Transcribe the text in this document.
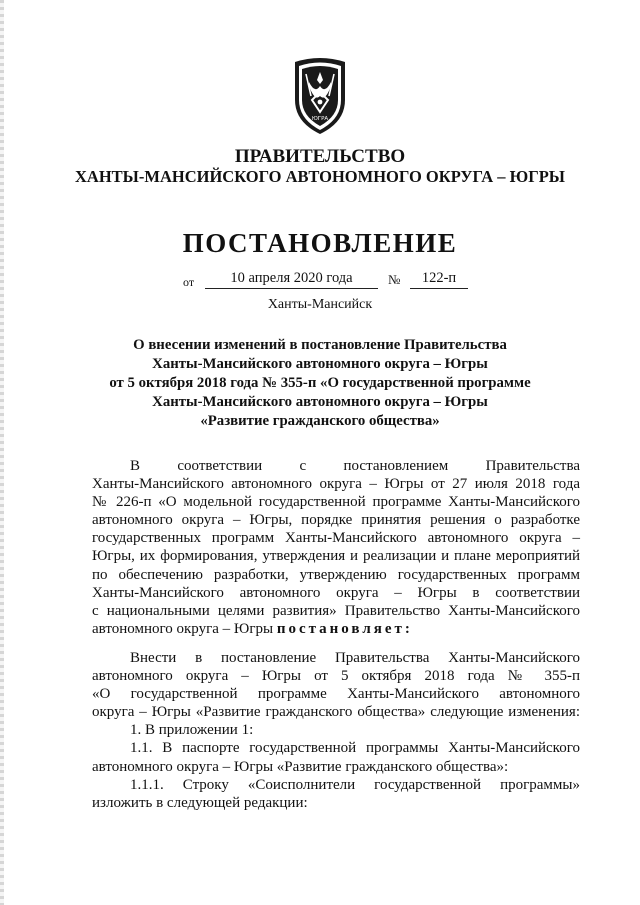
ЮГРА
ПРАВИТЕЛЬСТВО
ХАНТЫ-МАНСИЙСКОГО АВТОНОМНОГО ОКРУГА – ЮГРЫ
ПОСТАНОВЛЕНИЕ
от	10 апреля 2020 года	№	122-п
Ханты-Мансийск
О внесении изменений в постановление Правительства
Ханты-Мансийского автономного округа – Югры
от 5 октября 2018 года № 355-п «О государственной программе
Ханты-Мансийского автономного округа – Югры
«Развитие гражданского общества»
В соответствии с постановлением Правительства
Ханты-Мансийского автономного округа – Югры от 27 июля 2018 года
№ 226-п «О модельной государственной программе Ханты-Мансийского
автономного округа – Югры, порядке принятия решения о разработке
государственных программ Ханты-Мансийского автономного округа –
Югры, их формирования, утверждения и реализации и плане мероприятий
по обеспечению разработки, утверждению государственных программ
Ханты-Мансийского автономного округа – Югры в соответствии
с национальными целями развития» Правительство Ханты-Мансийского
автономного округа – Югры постановляет:
Внести в постановление Правительства Ханты-Мансийского
автономного округа – Югры от 5 октября 2018 года № 355-п
«О государственной программе Ханты-Мансийского автономного
округа – Югры «Развитие гражданского общества» следующие изменения:
1. В приложении 1:
1.1. В паспорте государственной программы Ханты-Мансийского
автономного округа – Югры «Развитие гражданского общества»:
1.1.1. Строку «Соисполнители государственной программы»
изложить в следующей редакции:
